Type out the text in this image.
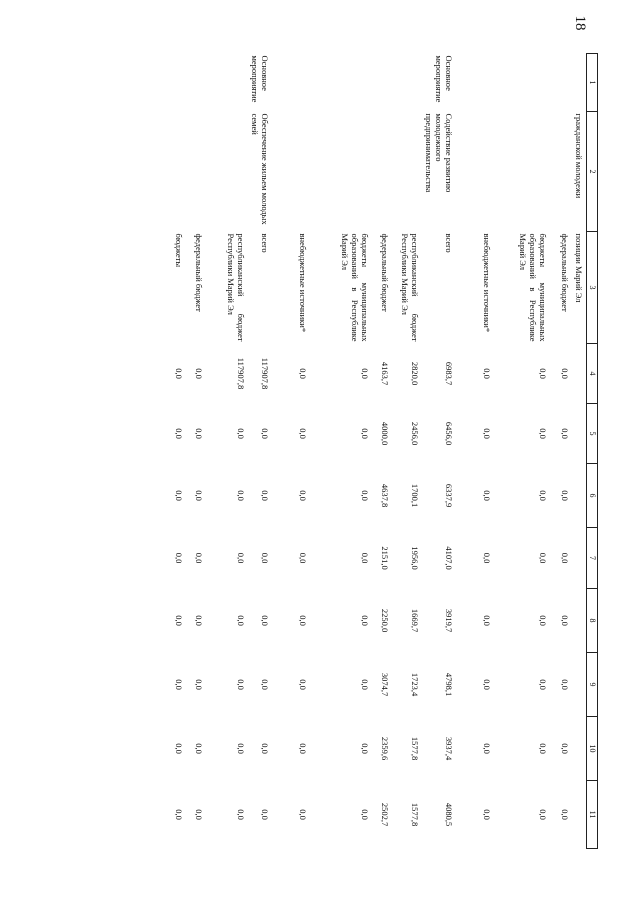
18
1	2	3	4	5	6	7	8	9	10	11
	гражданской молодежи	позиции Марий Эл								
		федеральный бюджет	0,0	0,0	0,0	0,0	0,0	0,0	0,0	0,0
		бюджеты муниципальных образований в Республике Марий Эл	0,0	0,0	0,0	0,0	0,0	0,0	0,0	0,0
		внебюджетные источники*	0,0	0,0	0,0	0,0	0,0	0,0	0,0	0,0
Основное мероприятие	Содействие развитию молодежного предпринимательства	всего	6983,7	6456,0	6337,9	4107,0	3919,7	4798,1	3937,4	4080,5
		республиканский бюджет Республики Марий Эл	2820,0	2456,0	1700,1	1956,0	1669,7	1723,4	1577,8	1577,8
		федеральный бюджет	4163,7	4000,0	4637,8	2151,0	2250,0	3074,7	2359,6	2502,7
		бюджеты муниципальных образований в Республике Марий Эл	0,0	0,0	0,0	0,0	0,0	0,0	0,0	0,0
		внебюджетные источники*	0,0	0,0	0,0	0,0	0,0	0,0	0,0	0,0
Основное мероприятие	Обеспечение жильем молодых семей	всего	117907,8	0,0	0,0	0,0	0,0	0,0	0,0	0,0
		республиканский бюджет Республики Марий Эл	117907,8	0,0	0,0	0,0	0,0	0,0	0,0	0,0
		федеральный бюджет	0,0	0,0	0,0	0,0	0,0	0,0	0,0	0,0
		бюджеты	0,0	0,0	0,0	0,0	0,0	0,0	0,0	0,0
